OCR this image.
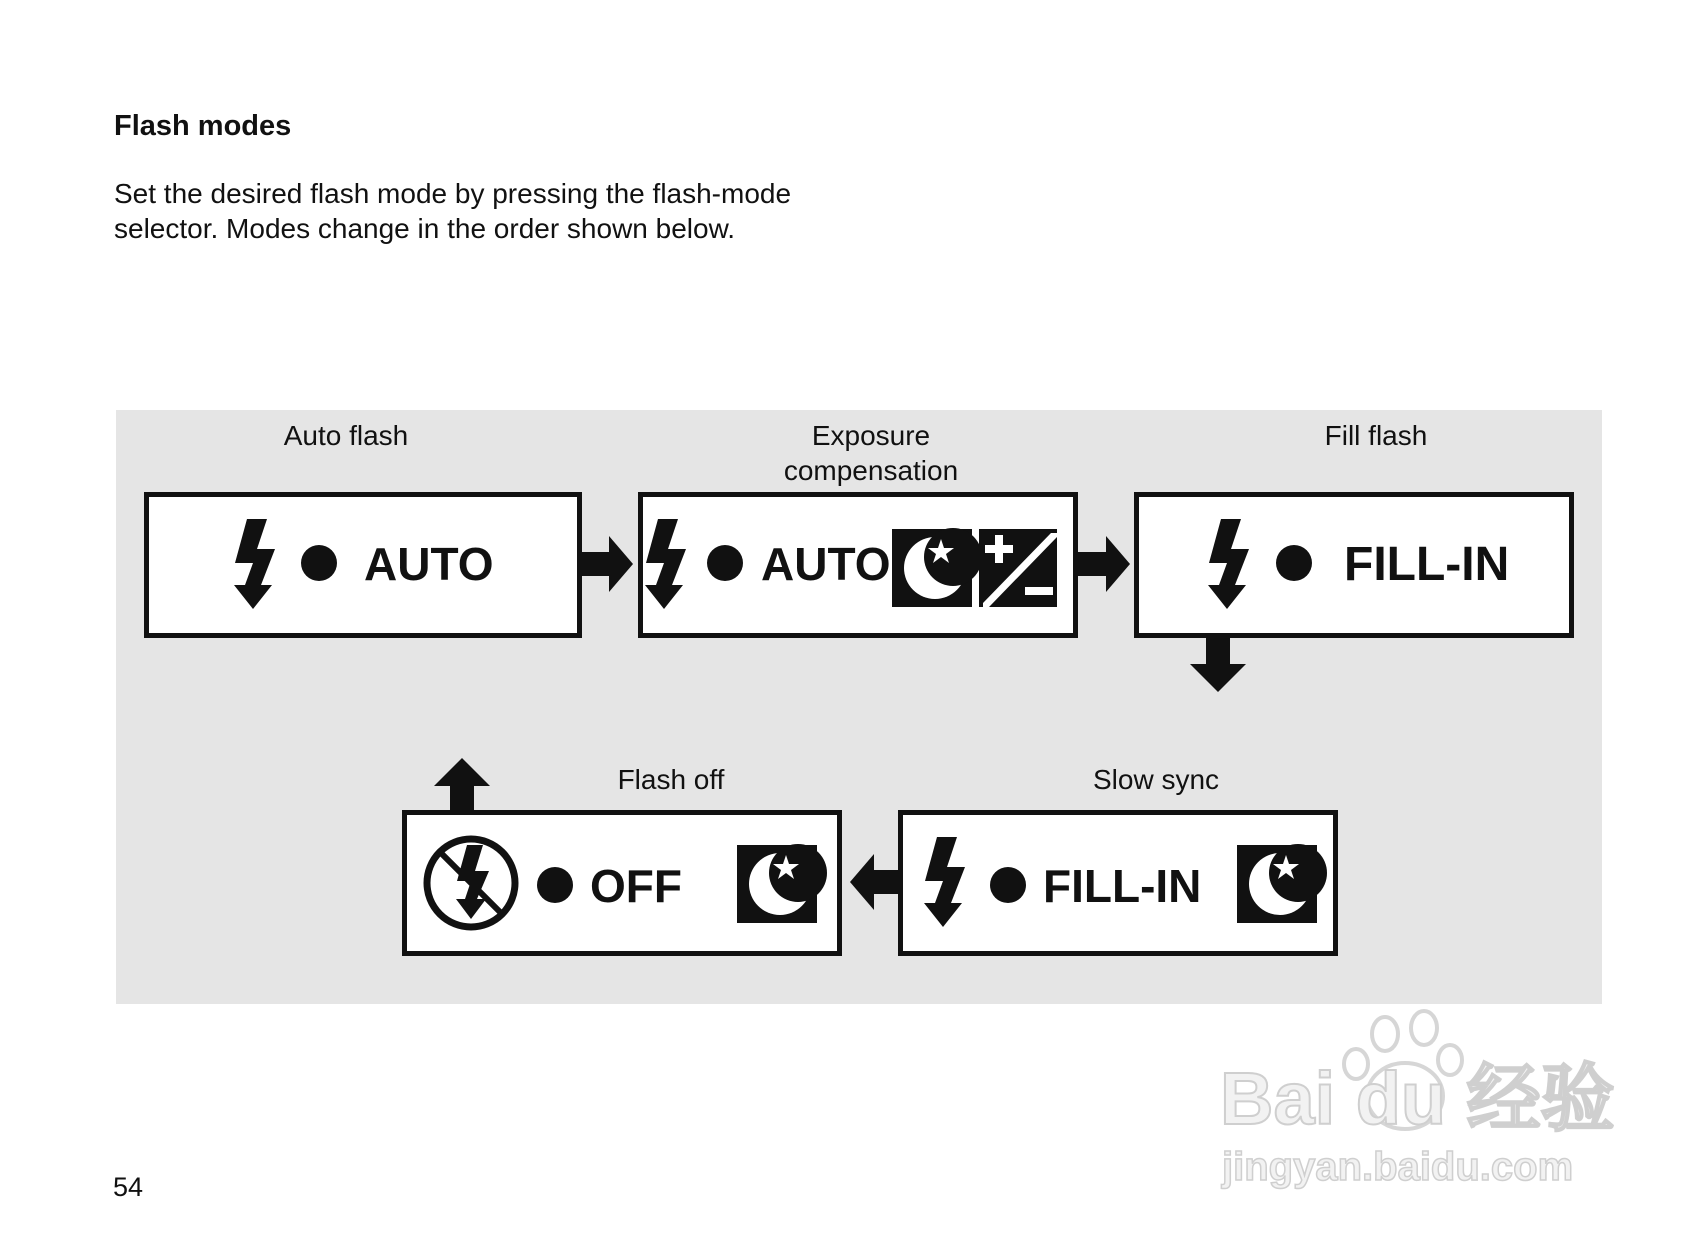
Flash modes
Set the desired flash mode by pressing the flash-mode
selector. Modes change in the order shown below.
Auto flash	Exposure
compensation
Fill flash
Flash off	Slow sync
AUTO	AUTO	FILL-IN
OFF	FILL-IN
54
Bai du 经验
jingyan.baidu.com
